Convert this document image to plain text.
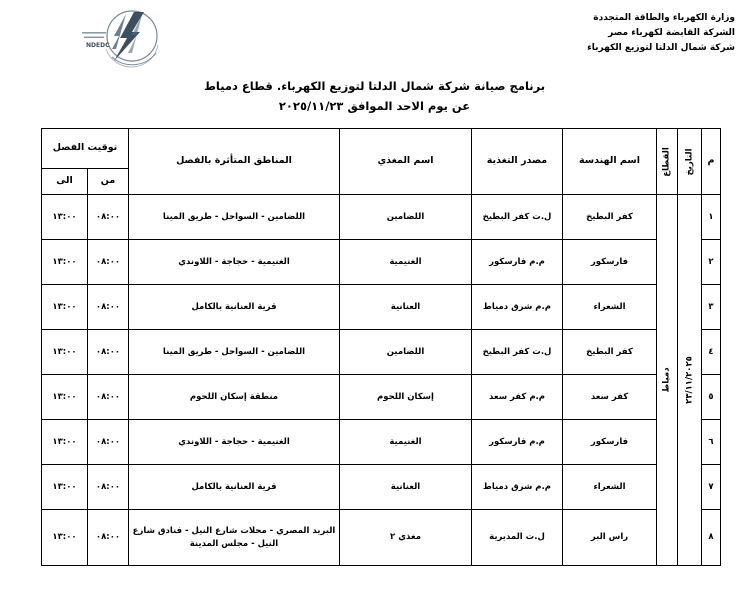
وزارة الكهرباء والطاقة المتجددة
الشركة القابضة لكهرباء مصر
شركة شمال الدلتا لتوزيع الكهرباء
NDEDC
برنامج صيانة شركة شمال الدلتا لتوزيع الكهرباء. قطاع دمياط
عن يوم الاحد الموافق ٢٠٢٥/١١/٢٣
م	التاريخ	القطاع	اسم الهندسة	مصدر التغذية	اسم المغذي	المناطق المتأثرة بالفصل	توقيت الفصل	
							من	الى
١	٢٣/١١/٢٠٢٥	دمياط	كفر البطيخ	ل.ت كفر البطيخ	اللضامين	اللضامين - السواحل - طريق المينا	٠٨:٠٠	١٣:٠٠
٢			فارسكور	م.م فارسكور	الغنيمية	الغنيمية - حجاجة - اللاوندي	٠٨:٠٠	١٣:٠٠
٣			الشعراء	م.م شرق دمياط	العنانية	قرية العنانية بالكامل	٠٨:٠٠	١٣:٠٠
٤			كفر البطيخ	ل.ت كفر البطيخ	اللضامين	اللضامين - السواحل - طريق المينا	٠٨:٠٠	١٣:٠٠
٥			كفر سعد	م.م كفر سعد	إسكان اللحوم	منطقة إسكان اللحوم	٠٨:٠٠	١٣:٠٠
٦			فارسكور	م.م فارسكور	الغنيمية	الغنيمية - حجاجة - اللاوندي	٠٨:٠٠	١٣:٠٠
٧			الشعراء	م.م شرق دمياط	العنانية	قرية العنانية بالكامل	٠٨:٠٠	١٣:٠٠
٨			راس البر	ل.ت المديرية	مغذي ٢	البريد المصري - محلات شارع النيل - فنادق شارع النيل - مجلس المدينة	٠٨:٠٠	١٣:٠٠
